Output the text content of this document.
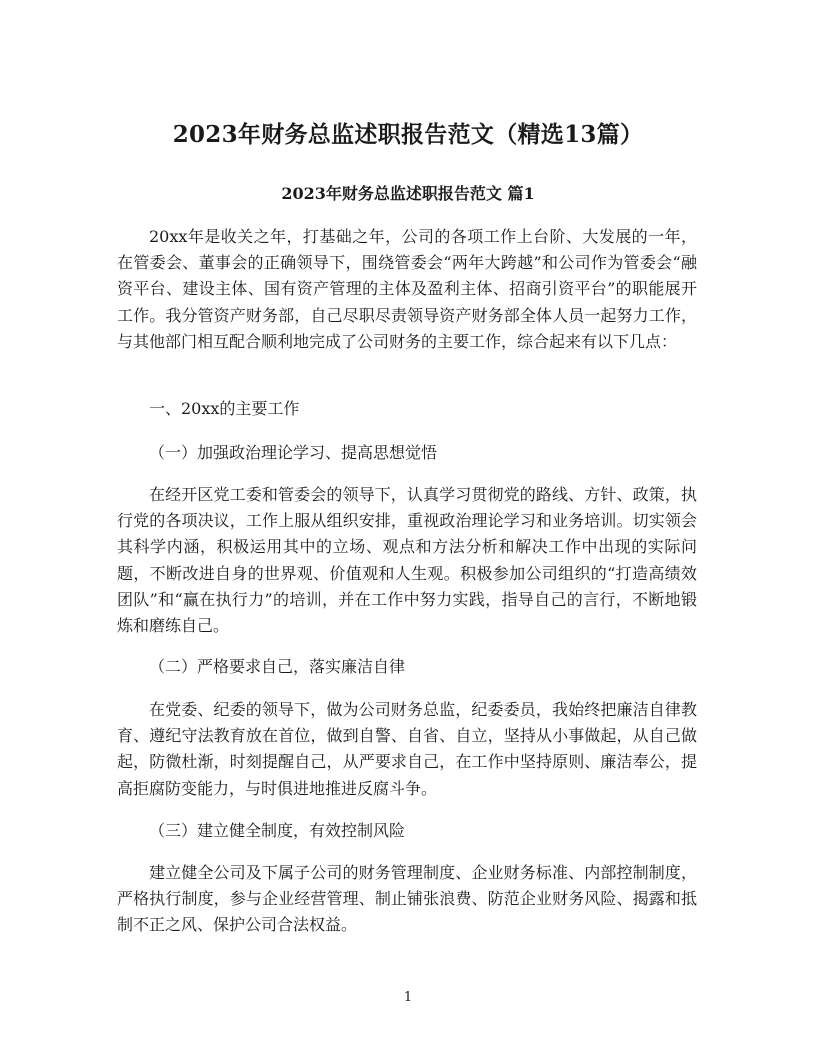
2023年财务总监述职报告范文（精选13篇）
2023年财务总监述职报告范文 篇1

20xx年是收关之年，打基础之年，公司的各项工作上台阶、大发展的一年，在管委会、董事会的正确领导下，围绕管委会“两年大跨越”和公司作为管委会“融资平台、建设主体、国有资产管理的主体及盈利主体、招商引资平台”的职能展开工作。我分管资产财务部，自己尽职尽责领导资产财务部全体人员一起努力工作，与其他部门相互配合顺利地完成了公司财务的主要工作，综合起来有以下几点：

一、20xx的主要工作

（一）加强政治理论学习、提高思想觉悟

在经开区党工委和管委会的领导下，认真学习贯彻党的路线、方针、政策，执行党的各项决议，工作上服从组织安排，重视政治理论学习和业务培训。切实领会其科学内涵，积极运用其中的立场、观点和方法分析和解决工作中出现的实际问题，不断改进自身的世界观、价值观和人生观。积极参加公司组织的“打造高绩效团队”和“赢在执行力”的培训，并在工作中努力实践，指导自己的言行，不断地锻炼和磨练自己。

（二）严格要求自己，落实廉洁自律

在党委、纪委的领导下，做为公司财务总监，纪委委员，我始终把廉洁自律教育、遵纪守法教育放在首位，做到自警、自省、自立，坚持从小事做起，从自己做起，防微杜渐，时刻提醒自己，从严要求自己，在工作中坚持原则、廉洁奉公，提高拒腐防变能力，与时俱进地推进反腐斗争。

（三）建立健全制度，有效控制风险

建立健全公司及下属子公司的财务管理制度、企业财务标准、内部控制制度，严格执行制度，参与企业经营管理、制止铺张浪费、防范企业财务风险、揭露和抵制不正之风、保护公司合法权益。

1
